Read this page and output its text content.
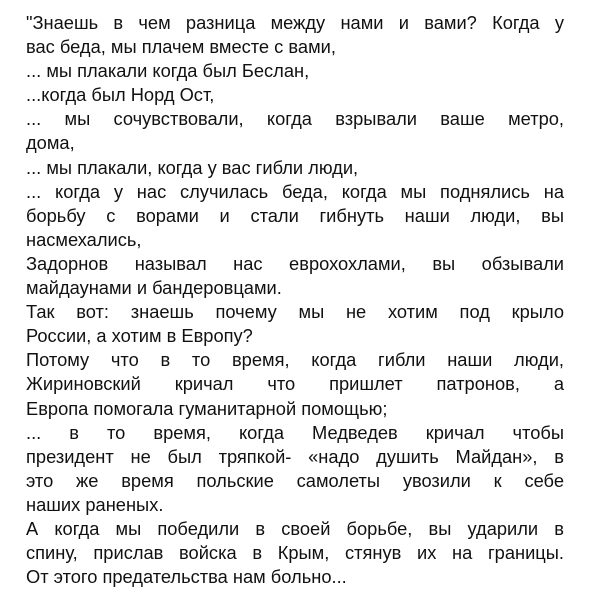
"Знаешь в чем разница между нами и вами? Когда у
вас беда, мы плачем вместе с вами,
... мы плакали когда был Беслан,
...когда был Норд Ост,
... мы сочувствовали, когда взрывали ваше метро,
дома,
... мы плакали, когда у вас гибли люди,
... когда у нас случилась беда, когда мы поднялись на
борьбу с ворами и стали гибнуть наши люди, вы
насмехались,
Задорнов называл нас еврохохлами, вы обзывали
майдаунами и бандеровцами.
Так вот: знаешь почему мы не хотим под крыло
России, а хотим в Европу?
Потому что в то время, когда гибли наши люди,
Жириновский кричал что пришлет патронов, а
Европа помогала гуманитарной помощью;
... в то время, когда Медведев кричал чтобы
президент не был тряпкой- «надо душить Майдан», в
это же время польские самолеты увозили к себе
наших раненых.
А когда мы победили в своей борьбе, вы ударили в
спину, прислав войска в Крым, стянув их на границы.
От этого предательства нам больно...
